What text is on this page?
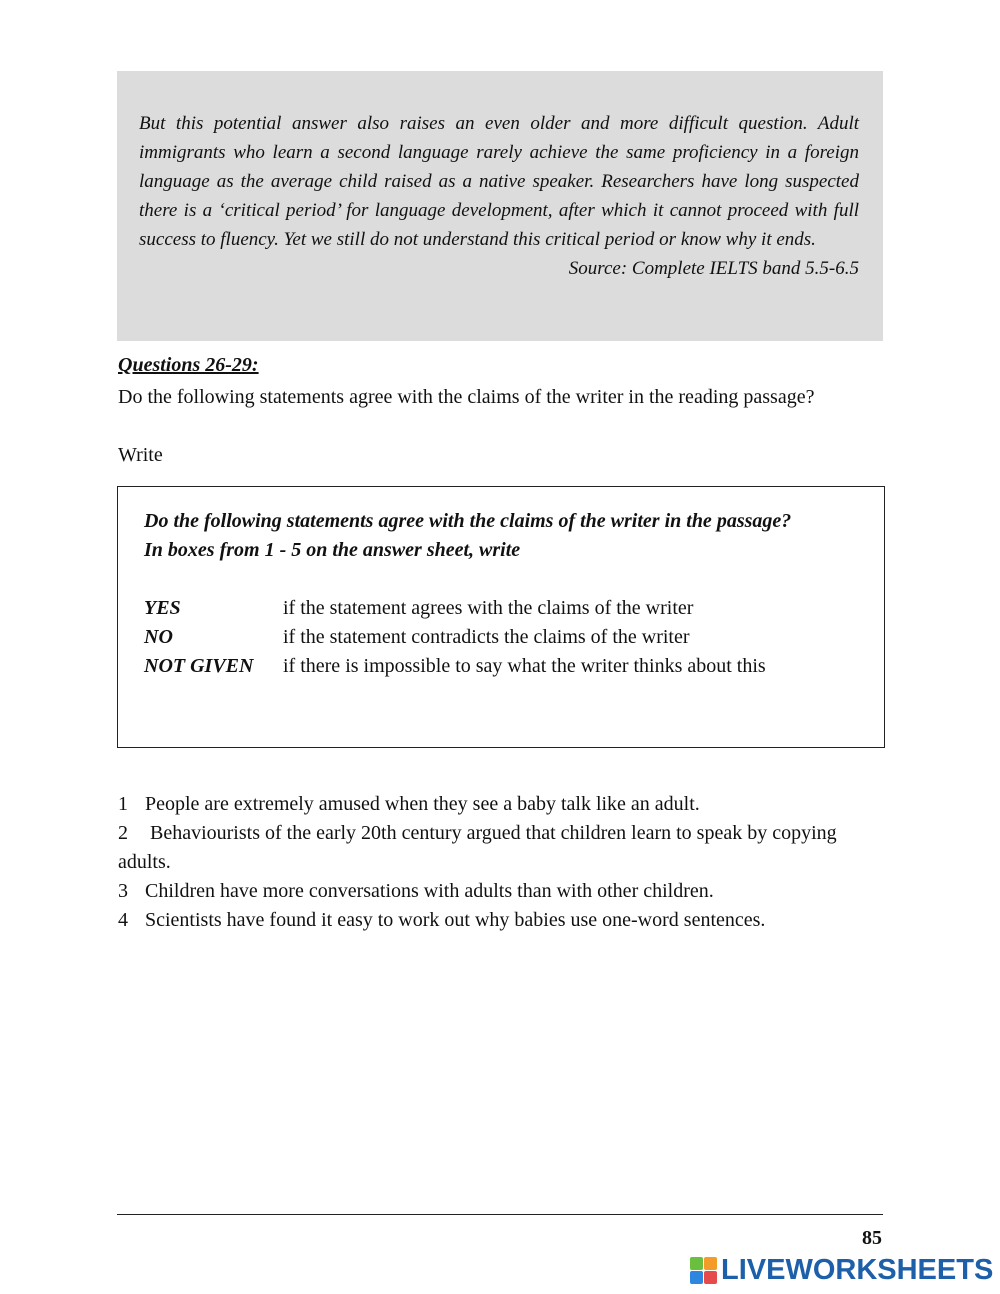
But this potential answer also raises an even older and more difficult question. Adult immigrants who learn a second language rarely achieve the same proficiency in a foreign language as the average child raised as a native speaker. Researchers have long suspected there is a ‘critical period’ for language development, after which it cannot proceed with full success to fluency. Yet we still do not understand this critical period or know why it ends.

Source: Complete IELTS band 5.5-6.5

Questions 26-29:

Do the following statements agree with the claims of the writer in the reading passage?

Write

Do the following statements agree with the claims of the writer in the passage?

In boxes from 1 - 5 on the answer sheet, write

YES	if the statement agrees with the claims of the writer
NO	if the statement contradicts the claims of the writer
NOT GIVEN	if there is impossible to say what the writer thinks about this
1 People are extremely amused when they see a baby talk like an adult.
2 Behaviourists of the early 20th century argued that children learn to speak by copying adults.
3 Children have more conversations with adults than with other children.
4 Scientists have found it easy to work out why babies use one-word sentences.
85
LIVEWORKSHEETS
